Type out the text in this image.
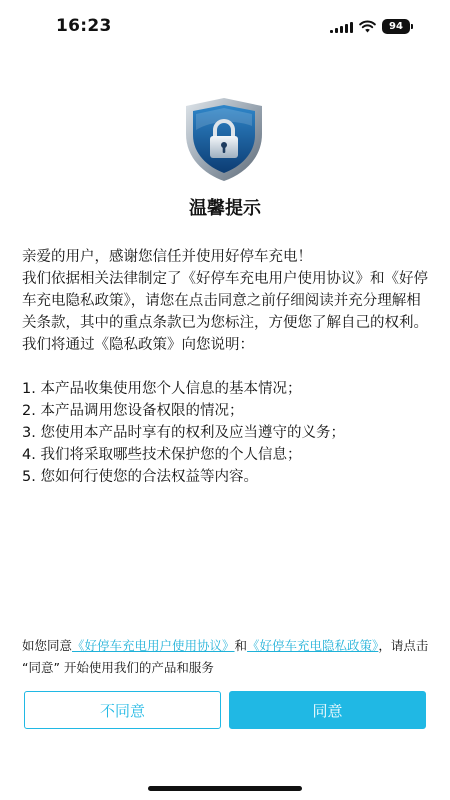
16:23	94
温馨提示

亲爱的用户，感谢您信任并使用好停车充电！

我们依据相关法律制定了《好停车充电用户使用协议》和《好停车充电隐私政策》，请您在点击同意之前仔细阅读并充分理解相关条款，其中的重点条款已为您标注，方便您了解自己的权利。我们将通过《隐私政策》向您说明：

1. 本产品收集使用您个人信息的基本情况；

2. 本产品调用您设备权限的情况；

3. 您使用本产品时享有的权利及应当遵守的义务；

4. 我们将采取哪些技术保护您的个人信息；

5. 您如何行使您的合法权益等内容。

如您同意《好停车充电用户使用协议》和《好停车充电隐私政策》，请点击 “同意” 开始使用我们的产品和服务
不同意	同意
